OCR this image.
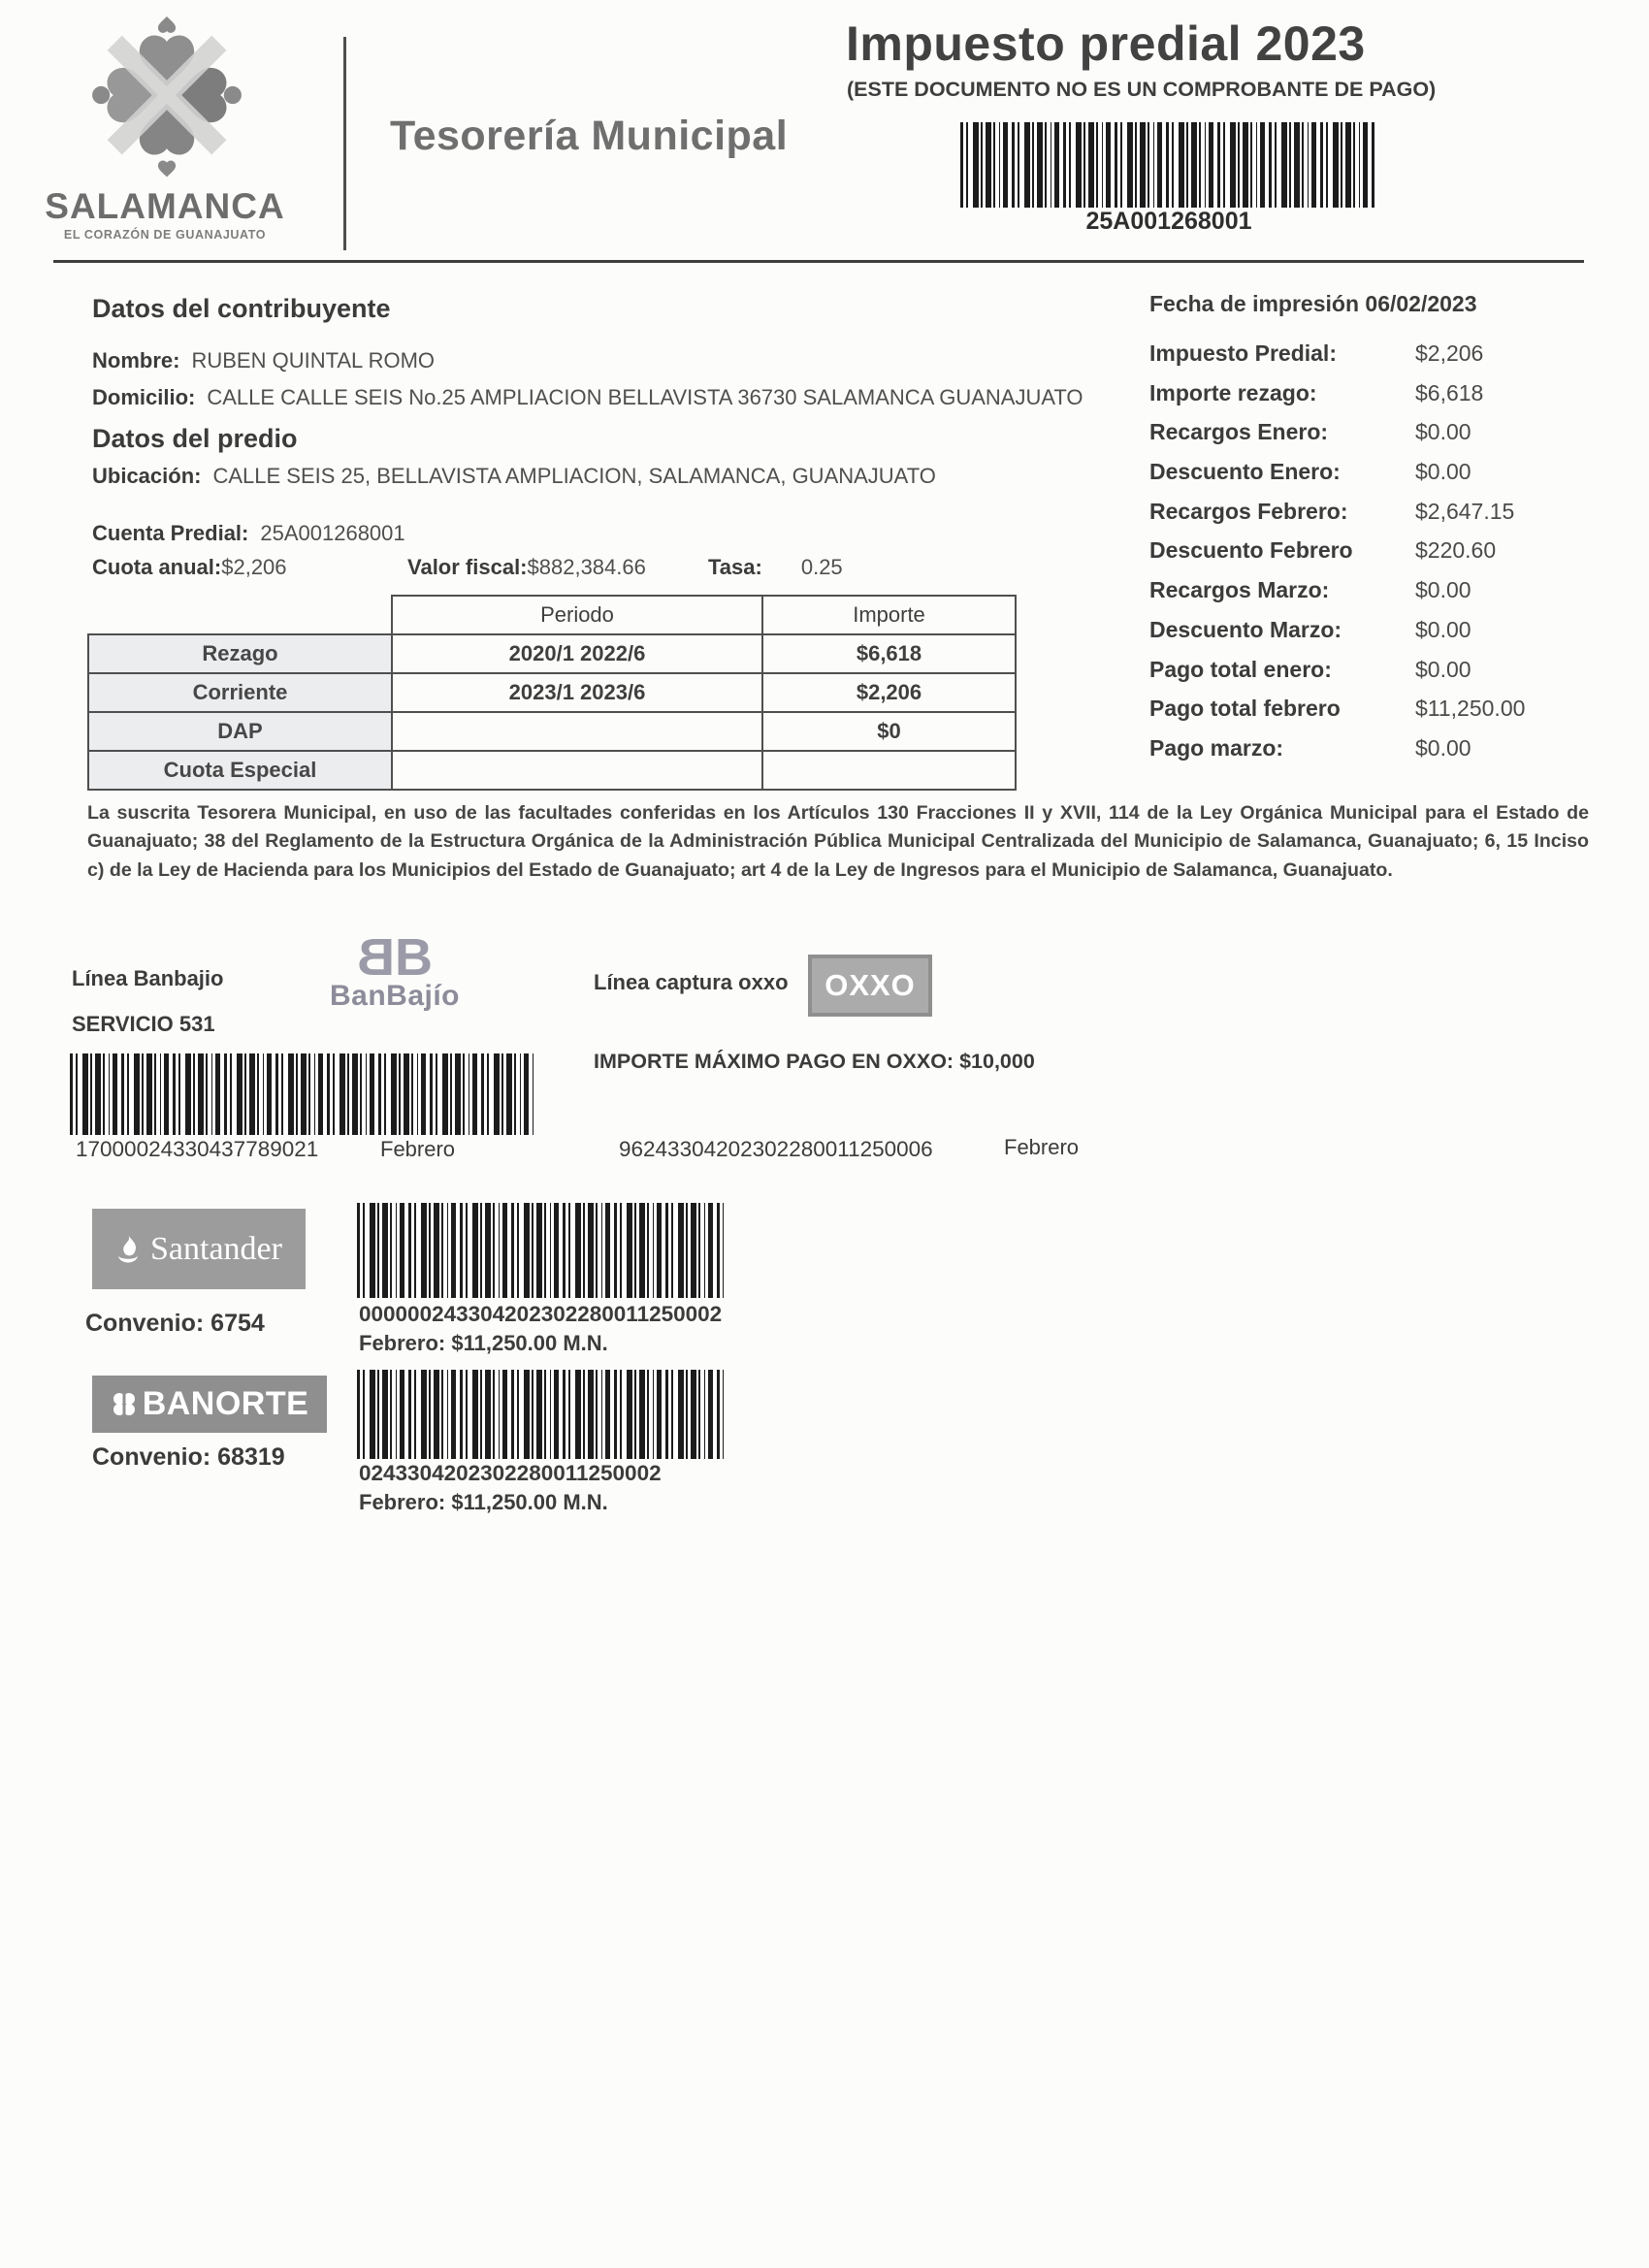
SALAMANCA
EL CORAZÓN DE GUANAJUATO
Tesorería Municipal
Impuesto predial 2023
(ESTE DOCUMENTO NO ES UN COMPROBANTE DE PAGO)
25A001268001
Datos del contribuyente
Nombre: RUBEN QUINTAL ROMO
Domicilio: CALLE CALLE SEIS No.25 AMPLIACION BELLAVISTA 36730 SALAMANCA GUANAJUATO
Datos del predio
Ubicación: CALLE SEIS 25, BELLAVISTA AMPLIACION, SALAMANCA, GUANAJUATO
Cuenta Predial: 25A001268001
Cuota anual:$2,206	Valor fiscal:$882,384.66	Tasa: 0.25
Fecha de impresión 06/02/2023
Impuesto Predial:	$2,206
Importe rezago:	$6,618
Recargos Enero:	$0.00
Descuento Enero:	$0.00
Recargos Febrero:	$2,647.15
Descuento Febrero	$220.60
Recargos Marzo:	$0.00
Descuento Marzo:	$0.00
Pago total enero:	$0.00
Pago total febrero	$11,250.00
Pago marzo:	$0.00
	Periodo	Importe
Rezago	2020/1 2022/6	$6,618
Corriente	2023/1 2023/6	$2,206
DAP		$0
Cuota Especial		
La suscrita Tesorera Municipal, en uso de las facultades conferidas en los Artículos 130 Fracciones II y XVII, 114 de la Ley Orgánica Municipal para el Estado de Guanajuato; 38 del Reglamento de la Estructura Orgánica de la Administración Pública Municipal Centralizada del Municipio de Salamanca, Guanajuato; 6, 15 Inciso c) de la Ley de Hacienda para los Municipios del Estado de Guanajuato; art 4 de la Ley de Ingresos para el Municipio de Salamanca, Guanajuato.
Línea Banbajio
SERVICIO 531
BB
BanBajío	Línea captura oxxo OXXO
IMPORTE MÁXIMO PAGO EN OXXO: $10,000
17000024330437789021	Febrero	96243304202302280011250006	Febrero
Santander
Convenio: 6754	000000243304202302280011250002
Febrero: $11,250.00 M.N.
BANORTE
Convenio: 68319
0243304202302280011250002
Febrero: $11,250.00 M.N.
